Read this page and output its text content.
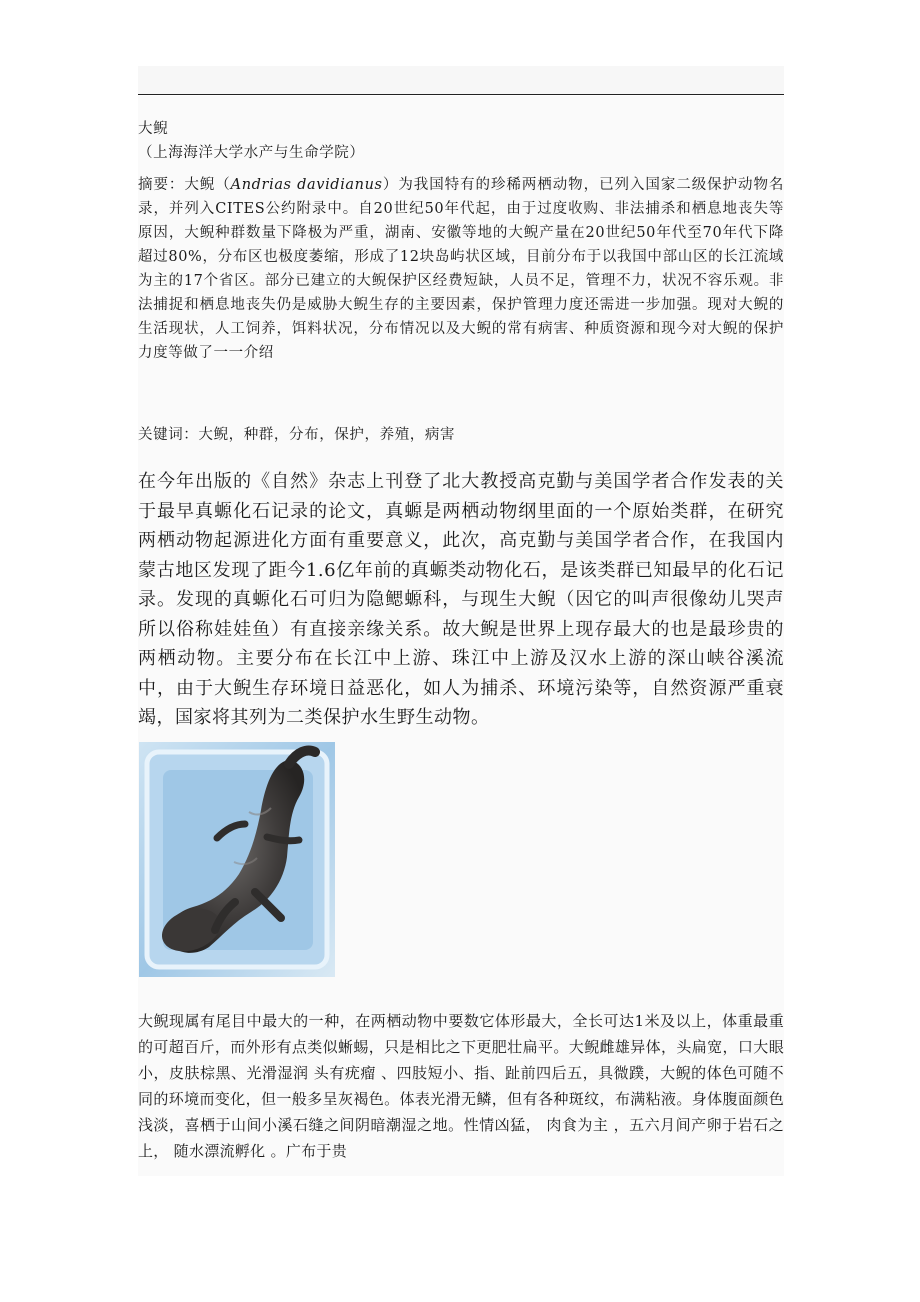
大鲵
（上海海洋大学水产与生命学院）
摘要：大鲵（Andrias davidianus）为我国特有的珍稀两栖动物，已列入国家二级保护动物名录，并列入CITES公约附录中。自20世纪50年代起，由于过度收购、非法捕杀和栖息地丧失等原因，大鲵种群数量下降极为严重，湖南、安徽等地的大鲵产量在20世纪50年代至70年代下降超过80%，分布区也极度萎缩，形成了12块岛屿状区域，目前分布于以我国中部山区的长江流域为主的17个省区。部分已建立的大鲵保护区经费短缺，人员不足，管理不力，状况不容乐观。非法捕捉和栖息地丧失仍是威胁大鲵生存的主要因素，保护管理力度还需进一步加强。现对大鲵的生活现状，人工饲养，饵料状况，分布情况以及大鲵的常有病害、种质资源和现今对大鲵的保护力度等做了一一介绍
关键词：大鲵，种群，分布，保护，养殖，病害
在今年出版的《自然》杂志上刊登了北大教授高克勤与美国学者合作发表的关于最早真螈化石记录的论文，真螈是两栖动物纲里面的一个原始类群，在研究两栖动物起源进化方面有重要意义，此次，高克勤与美国学者合作，在我国内蒙古地区发现了距今1.6亿年前的真螈类动物化石，是该类群已知最早的化石记录。发现的真螈化石可归为隐鳃螈科，与现生大鲵（因它的叫声很像幼儿哭声所以俗称娃娃鱼）有直接亲缘关系。故大鲵是世界上现存最大的也是最珍贵的两栖动物。主要分布在长江中上游、珠江中上游及汉水上游的深山峡谷溪流中，由于大鲵生存环境日益恶化，如人为捕杀、环境污染等，自然资源严重衰竭，国家将其列为二类保护水生野生动物。
大鲵现属有尾目中最大的一种，在两栖动物中要数它体形最大，全长可达1米及以上，体重最重的可超百斤，而外形有点类似蜥蜴，只是相比之下更肥壮扁平。大鲵雌雄异体，头扁宽，口大眼小，皮肤棕黑、光滑湿润 头有疣瘤 、四肢短小、指、趾前四后五，具微蹼，大鲵的体色可随不同的环境而变化，但一般多呈灰褐色。体表光滑无鳞，但有各种斑纹，布满粘液。身体腹面颜色浅淡，喜栖于山间小溪石缝之间阴暗潮湿之地。性情凶猛， 肉食为主 ，五六月间产卵于岩石之上， 随水漂流孵化 。广布于贵
